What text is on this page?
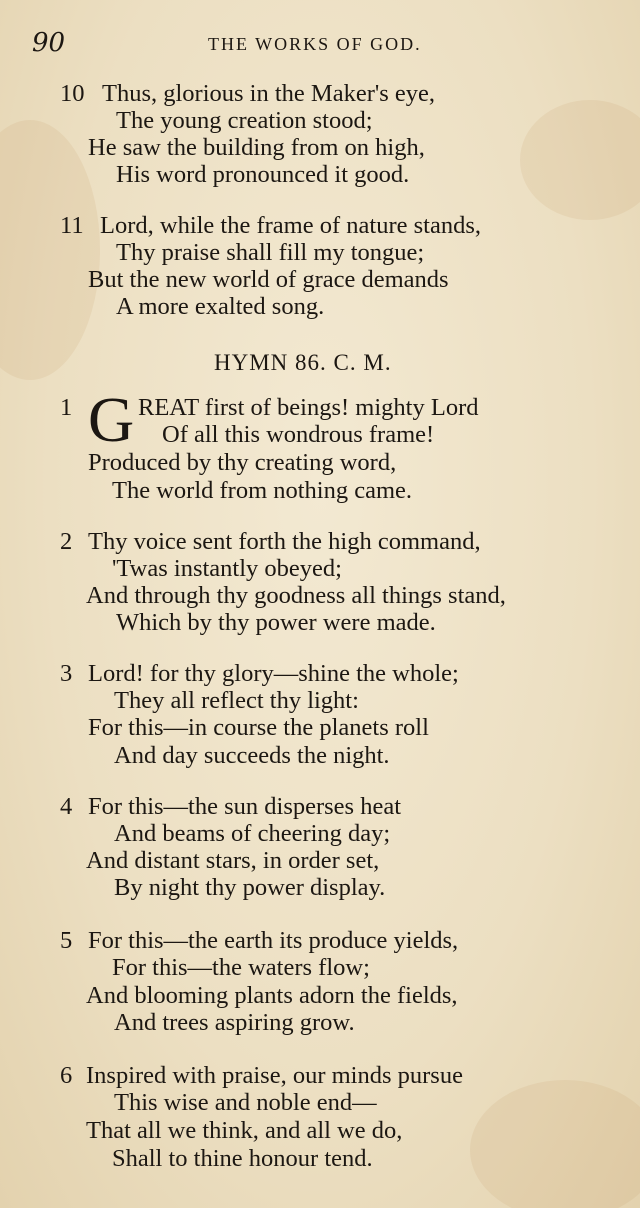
90	THE WORKS OF GOD.
10 Thus, glorious in the Maker's eye,
The young creation stood;
He saw the building from on high,
His word pronounced it good.
11 Lord, while the frame of nature stands,
Thy praise shall fill my tongue;
But the new world of grace demands
A more exalted song.
HYMN 86. C. M.
1 G REAT first of beings! mighty Lord
Of all this wondrous frame!
Produced by thy creating word,
The world from nothing came.
2 Thy voice sent forth the high command,
'Twas instantly obeyed;
And through thy goodness all things stand,
Which by thy power were made.
3 Lord! for thy glory—shine the whole;
They all reflect thy light:
For this—in course the planets roll
And day succeeds the night.
4 For this—the sun disperses heat
And beams of cheering day;
And distant stars, in order set,
By night thy power display.
5 For this—the earth its produce yields,
For this—the waters flow;
And blooming plants adorn the fields,
And trees aspiring grow.
6 Inspired with praise, our minds pursue
This wise and noble end—
That all we think, and all we do,
Shall to thine honour tend.
